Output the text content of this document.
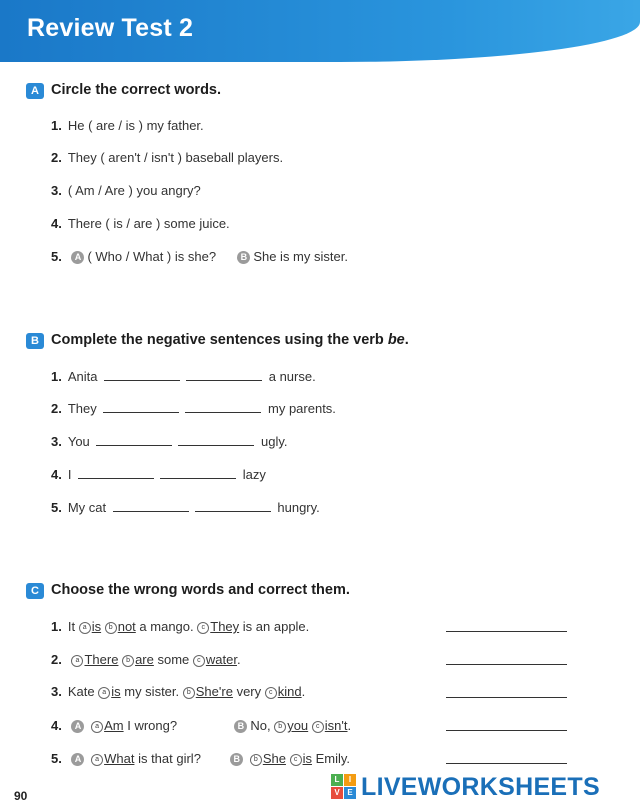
Review Test 2
A Circle the correct words.
1. He ( are / is ) my father.
2. They ( aren't / isn't ) baseball players.
3. ( Am / Are ) you angry?
4. There ( is / are ) some juice.
5. A ( Who / What ) is she?	B She is my sister.
B Complete the negative sentences using the verb be.
1. Anita	a nurse.
2. They	my parents.
3. You	ugly.
4. I	lazy
5. My cat	hungry.
C Choose the wrong words and correct them.
1. It a is b not a mango. c They is an apple.
2. a There b are some c water.
3. Kate a is my sister. b She're very c kind.
4. A a Am I wrong?	B No, b you c isn't.
5. A a What is that girl?	B b She c is Emily.
90
L	I
V E LIVEWORKSHEETS
